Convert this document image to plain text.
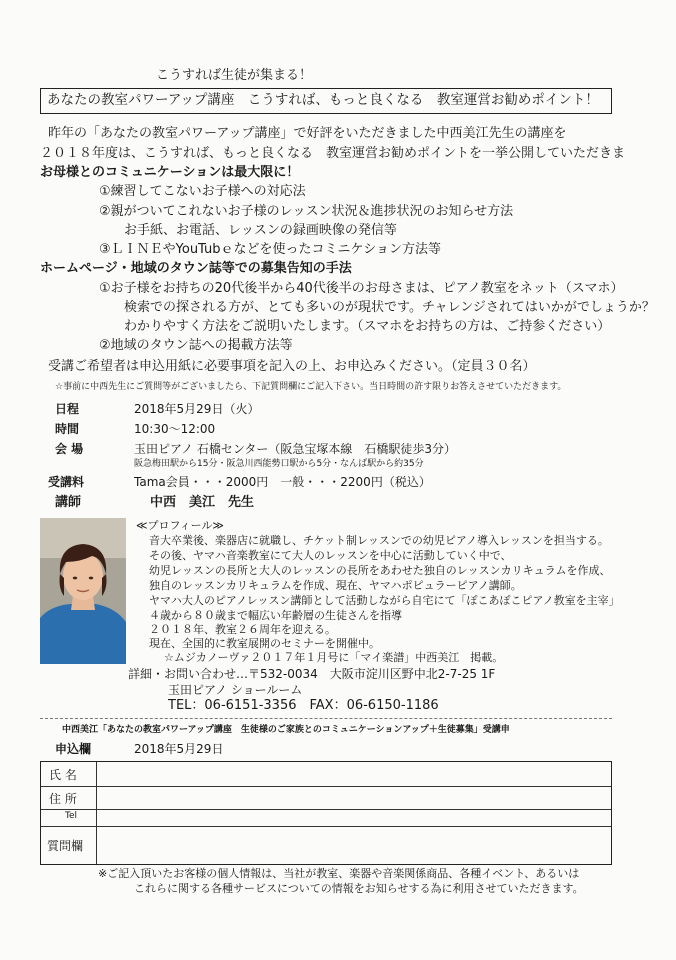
こうすれば生徒が集まる！
あなたの教室パワーアップ講座　こうすれば、もっと良くなる　教室運営お勧めポイント！
昨年の「あなたの教室パワーアップ講座」で好評をいただきました中西美江先生の講座を
２０１８年度は、こうすれば、もっと良くなる　教室運営お勧めポイントを一挙公開していただきま
お母様とのコミュニケーションは最大限に！
①練習してこないお子様への対応法
②親がついてこれないお子様のレッスン状況＆進捗状況のお知らせ方法
お手紙、お電話、レッスンの録画映像の発信等
③ＬＩＮＥやYouTubｅなどを使ったコミニケション方法等
ホームページ・地域のタウン誌等での募集告知の手法
①お子様をお持ちの20代後半から40代後半のお母さまは、ピアノ教室をネット（スマホ）
検索での探される方が、とても多いのが現状です。チャレンジされてはいかがでしょうか？
わかりやすく方法をご説明いたします。（スマホをお持ちの方は、ご持参ください）
②地域のタウン誌への掲載方法等
受講ご希望者は申込用紙に必要事項を記入の上、お申込みください。（定員３０名）
☆事前に中西先生にご質問等がございましたら、下記質問欄にご記入下さい。当日時間の許す限りお答えさせていただきます。
日程	2018年5月29日（火）
時間	10:30〜12:00
会 場	玉田ピアノ 石橋センター（阪急宝塚本線　石橋駅徒歩3分）
阪急梅田駅から15分・阪急川西能勢口駅から5分・なんば駅から約35分
受講料	Tama会員・・・2000円　一般・・・2200円（税込）
講師	中西　美江　先生
≪プロフィール≫
音大卒業後、楽器店に就職し、チケット制レッスンでの幼児ピアノ導入レッスンを担当する。
その後、ヤマハ音楽教室にて大人のレッスンを中心に活動していく中で、
幼児レッスンの長所と大人のレッスンの長所をあわせた独自のレッスンカリキュラムを作成、
独自のレッスンカリキュラムを作成、現在、ヤマハポピュラーピアノ講師。
ヤマハ大人のピアノレッスン講師として活動しながら自宅にて「ぽこあぽこピアノ教室を主宰」
４歳から８０歳まで幅広い年齢層の生徒さんを指導
２０１８年、教室２６周年を迎える。
現在、全国的に教室展開のセミナーを開催中。
☆ムジカノーヴァ２０１７年１月号に「マイ楽譜」中西美江　掲載。
詳細・お問い合わせ…〒532-0034　大阪市淀川区野中北2-7-25 1F
玉田ピアノ ショールーム
TEL：06-6151-3356　FAX：06-6150-1186
中西美江「あなたの教室パワーアップ講座　生徒様のご家族とのコミュニケーションアップ＋生徒募集」受講申
申込欄	2018年5月29日
氏 名
住 所
Tel
質問欄
※ご記入頂いたお客様の個人情報は、当社が教室、楽器や音楽関係商品、各種イベント、あるいは
これらに関する各種サービスについての情報をお知らせする為に利用させていただきます。
